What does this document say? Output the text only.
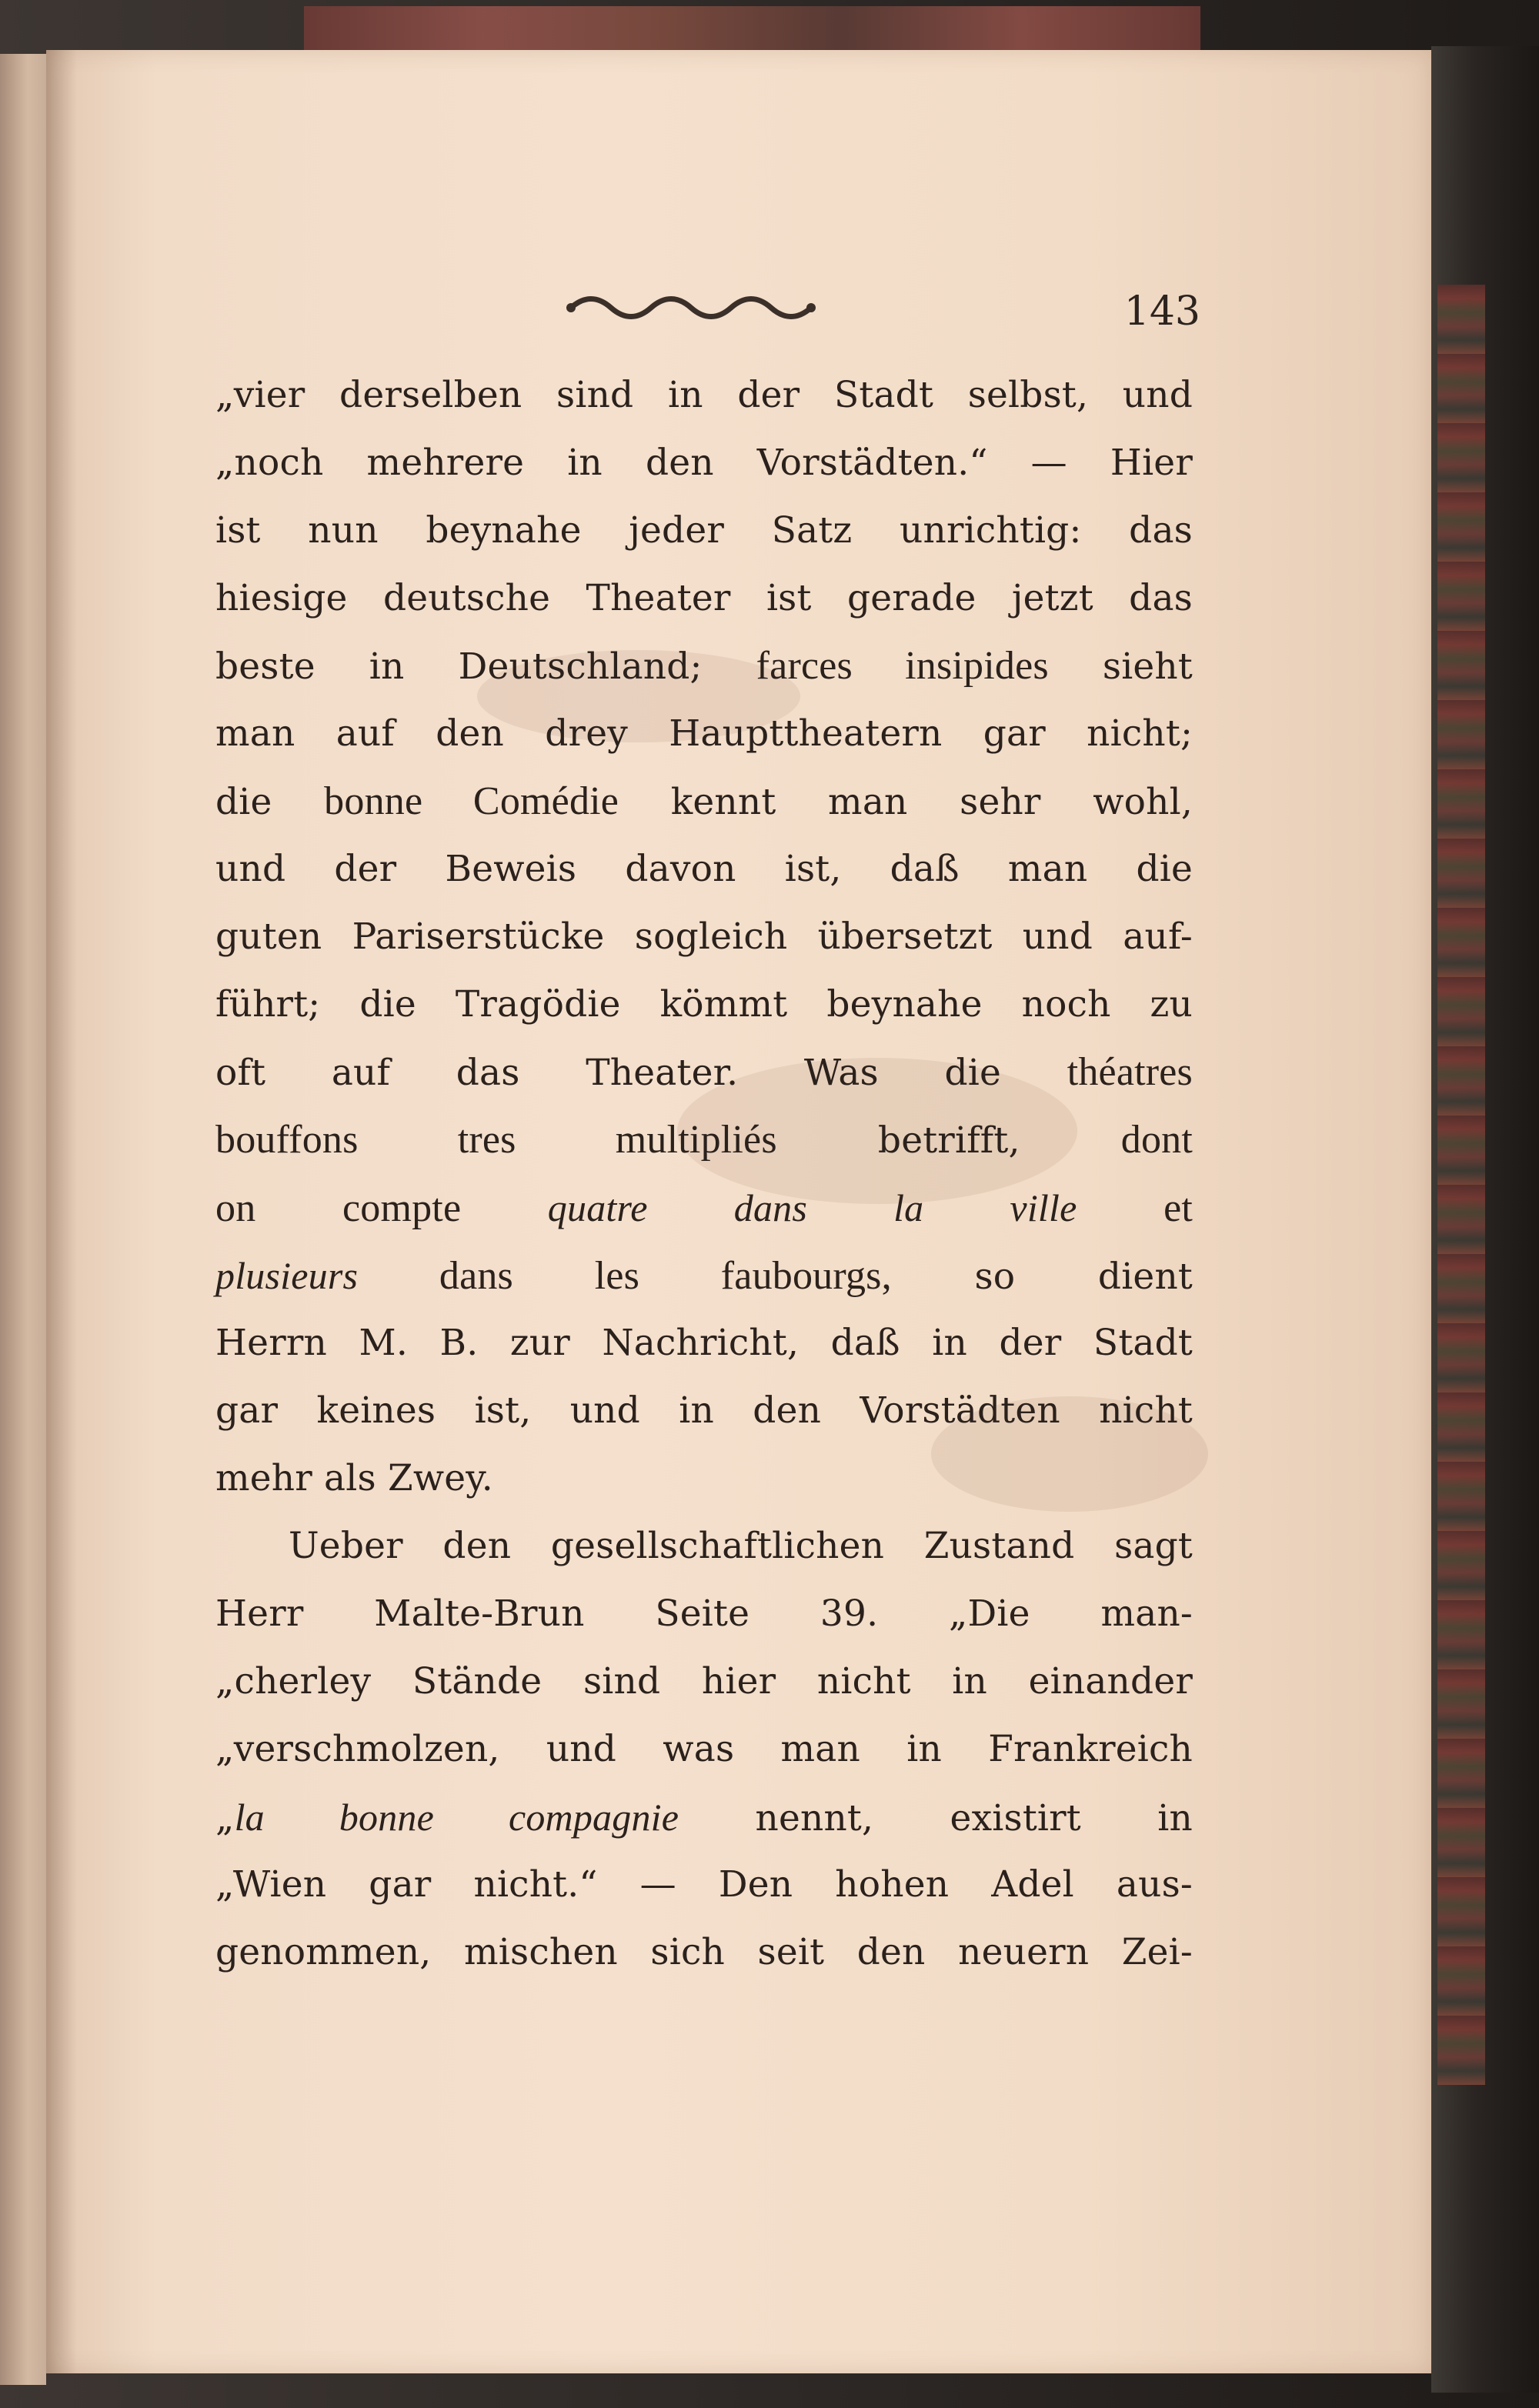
143
„vier derselben sind in der Stadt selbst, und
„noch mehrere in den Vorstädten.“ — Hier
ist nun beynahe jeder Satz unrichtig: das
hiesige deutsche Theater ist gerade jetzt das
beste in Deutschland; farces insipides sieht
man auf den drey Haupttheatern gar nicht;
die bonne Comédie kennt man sehr wohl,
und der Beweis davon ist, daß man die
guten Pariserstücke sogleich übersetzt und auf-
führt; die Tragödie kömmt beynahe noch zu
oft auf das Theater. Was die théatres
bouffons tres multipliés betrifft, dont
on compte quatre dans la ville et
plusieurs dans les faubourgs, so dient
Herrn M. B. zur Nachricht, daß in der Stadt
gar keines ist, und in den Vorstädten nicht
mehr als Zwey.
Ueber den gesellschaftlichen Zustand sagt
Herr Malte-Brun Seite 39. „Die man-
„cherley Stände sind hier nicht in einander
„verschmolzen, und was man in Frankreich
„la bonne compagnie nennt, existirt in
„Wien gar nicht.“ — Den hohen Adel aus-
genommen, mischen sich seit den neuern Zei-
